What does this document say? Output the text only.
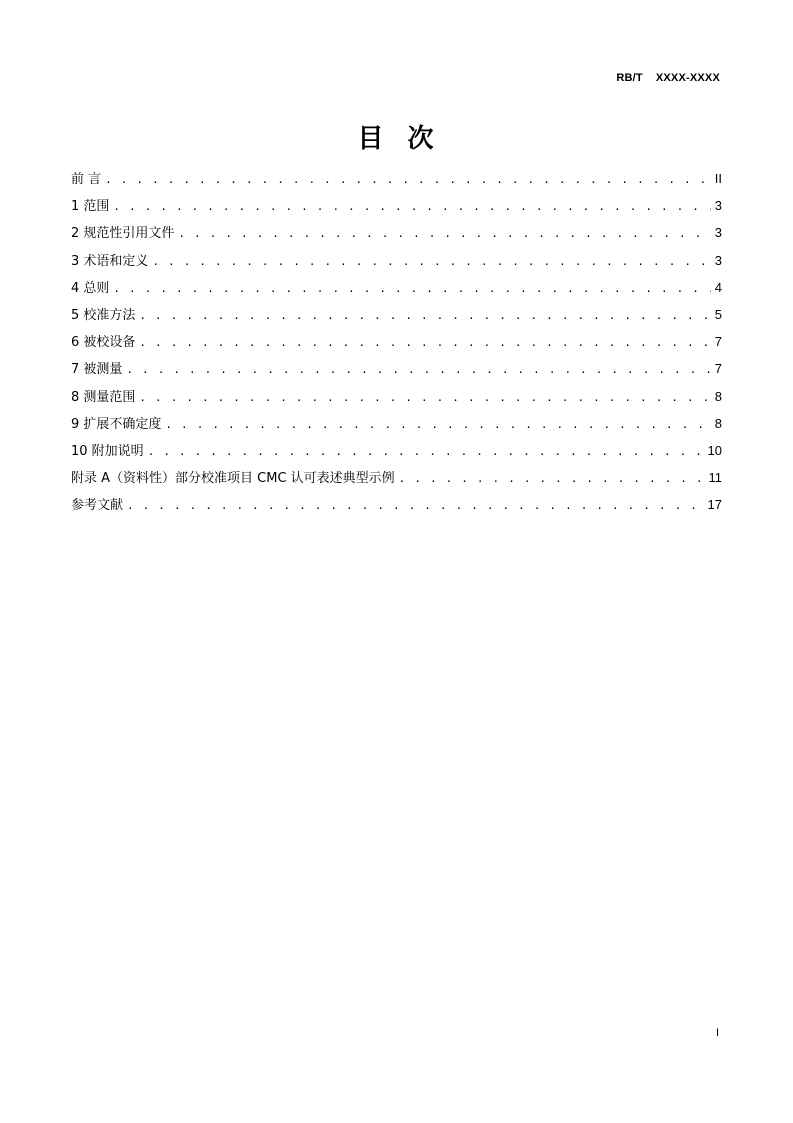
RB/T    XXXX-XXXX
目  次
前 言 . . .	II
1 范围 . . .	3
2 规范性引用文件 . . .	3
3 术语和定义 . . .	3
4 总则 . . .	4
5 校准方法 . . .	5
6 被校设备 . . .	7
7 被测量 . . .	7
8 测量范围 . . .	8
9 扩展不确定度 . . .	8
10 附加说明 . . .	10
附录 A（资料性）部分校准项目 CMC 认可表述典型示例 . . .	11
参考文献 . . .	17
I
